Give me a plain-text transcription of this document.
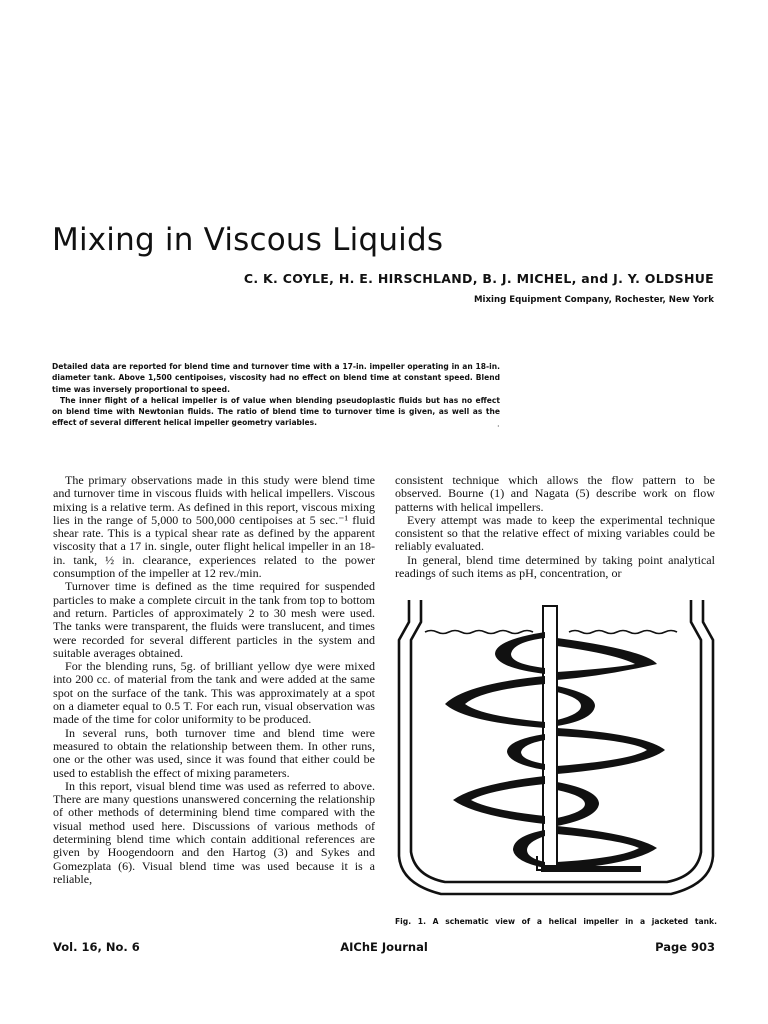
Mixing in Viscous Liquids
C. K. COYLE, H. E. HIRSCHLAND, B. J. MICHEL, and J. Y. OLDSHUE
Mixing Equipment Company, Rochester, New York

Detailed data are reported for blend time and turnover time with a 17-in. impeller operating in an 18-in. diameter tank. Above 1,500 centipoises, viscosity had no effect on blend time at constant speed. Blend time was inversely proportional to speed.

The inner flight of a helical impeller is of value when blending pseudoplastic fluids but has no effect on blend time with Newtonian fluids. The ratio of blend time to turnover time is given, as well as the effect of several different helical impeller geometry variables.	·

The primary observations made in this study were blend time and turnover time in viscous fluids with helical impellers. Viscous mixing is a relative term. As defined in this report, viscous mixing lies in the range of 5,000 to 500,000 centipoises at 5 sec.⁻¹ fluid shear rate. This is a typical shear rate as defined by the apparent viscosity that a 17 in. single, outer flight helical impeller in an 18-in. tank, ½ in. clearance, experiences related to the power consumption of the impeller at 12 rev./min.

Turnover time is defined as the time required for suspended particles to make a complete circuit in the tank from top to bottom and return. Particles of approximately 2 to 30 mesh were used. The tanks were transparent, the fluids were translucent, and times were recorded for several different particles in the system and suitable averages obtained.

For the blending runs, 5g. of brilliant yellow dye were mixed into 200 cc. of material from the tank and were added at the same spot on the surface of the tank. This was approximately at a spot on a diameter equal to 0.5 T. For each run, visual observation was made of the time for color uniformity to be produced.

In several runs, both turnover time and blend time were measured to obtain the relationship between them. In other runs, one or the other was used, since it was found that either could be used to establish the effect of mixing parameters.

In this report, visual blend time was used as referred to above. There are many questions unanswered concerning the relationship of other methods of determining blend time compared with the visual method used here. Discussions of various methods of determining blend time which contain additional references are given by Hoogendoorn and den Hartog (3) and Sykes and Gomezplata (6). Visual blend time was used because it is a reliable,

consistent technique which allows the flow pattern to be observed. Bourne (1) and Nagata (5) describe work on flow patterns with helical impellers.

Every attempt was made to keep the experimental technique consistent so that the relative effect of mixing variables could be reliably evaluated.

In general, blend time determined by taking point analytical readings of such items as pH, concentration, or

Fig. 1. A schematic view of a helical impeller in a jacketed tank.
Vol. 16, No. 6	AIChE Journal	Page 903
